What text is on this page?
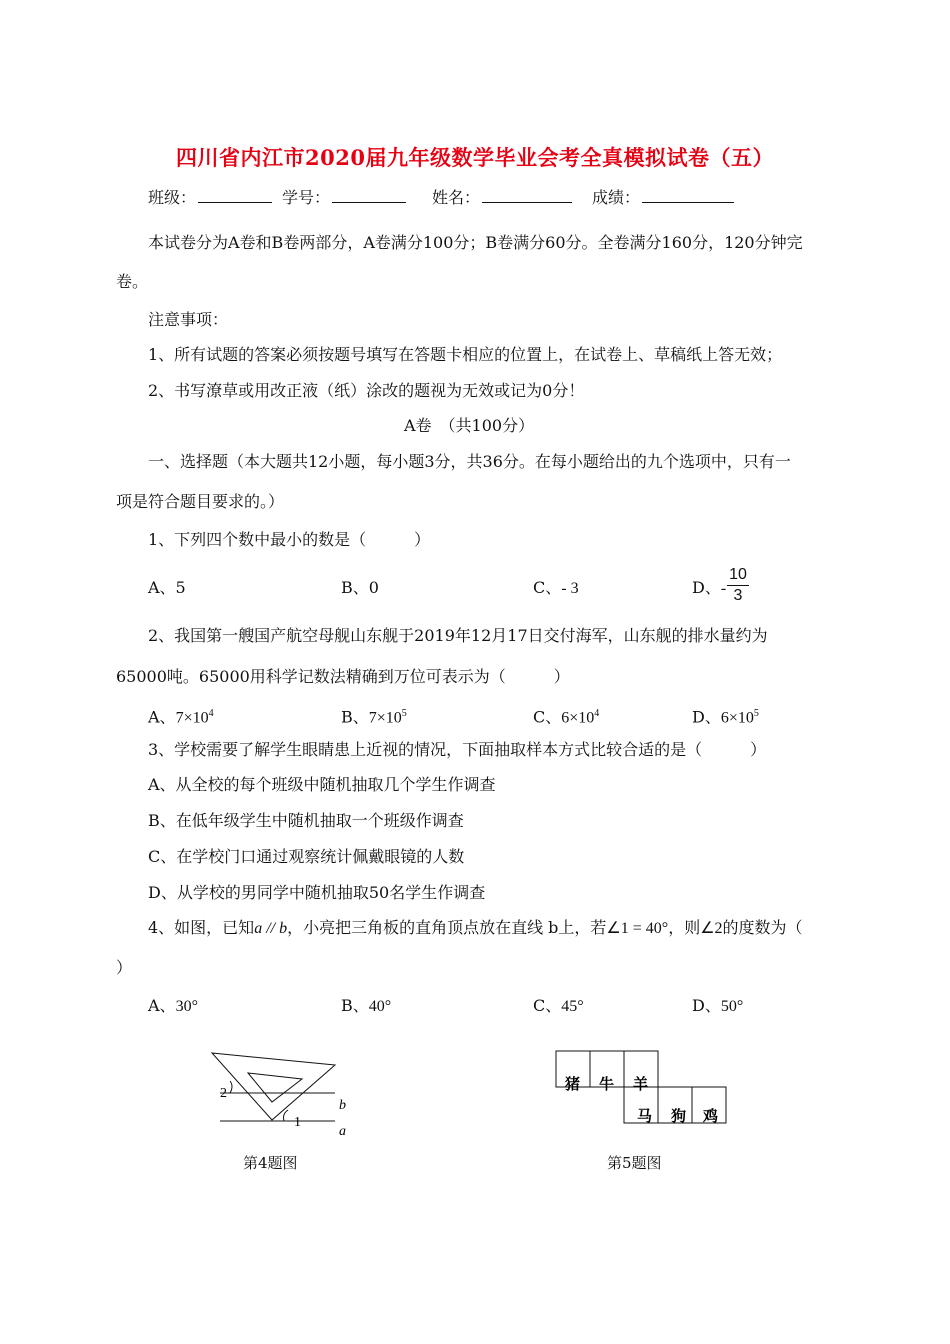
四川省内江市2020届九年级数学毕业会考全真模拟试卷（五）
班级：	学号：	姓名：	成绩：
本试卷分为A卷和B卷两部分，A卷满分100分；B卷满分60分。全卷满分160分，120分钟完
卷。
注意事项：
1、所有试题的答案必须按题号填写在答题卡相应的位置上，在试卷上、草稿纸上答无效；
2、书写潦草或用改正液（纸）涂改的题视为无效或记为0分！
A卷　（共100分）
一、选择题（本大题共12小题，每小题3分，共36分。在每小题给出的九个选项中，只有一
项是符合题目要求的。）
1、下列四个数中最小的数是（　　　）
A、5	B、0	C、- 3	D、-
10
3
2、我国第一艘国产航空母舰山东舰于2019年12月17日交付海军，山东舰的排水量约为
65000吨。65000用科学记数法精确到万位可表示为（　　　）
A、$7\times 10^4$	B、$7\times 10^5$	C、$6\times 10^4$	D、$6\times 10^5$
3、学校需要了解学生眼睛患上近视的情况，下面抽取样本方式比较合适的是（　　　）
A、从全校的每个班级中随机抽取几个学生作调查
B、在低年级学生中随机抽取一个班级作调查
C、在学校门口通过观察统计佩戴眼镜的人数
D、从学校的男同学中随机抽取50名学生作调查
4、如图，已知a // b，小亮把三角板的直角顶点放在直线 b上，若∠1 = 40°，则∠2的度数为（
）
A、30°	B、40°	C、45°	D、50°
2
1
b
a
第4题图
猪 牛 羊
马 狗 鸡
第5题图
